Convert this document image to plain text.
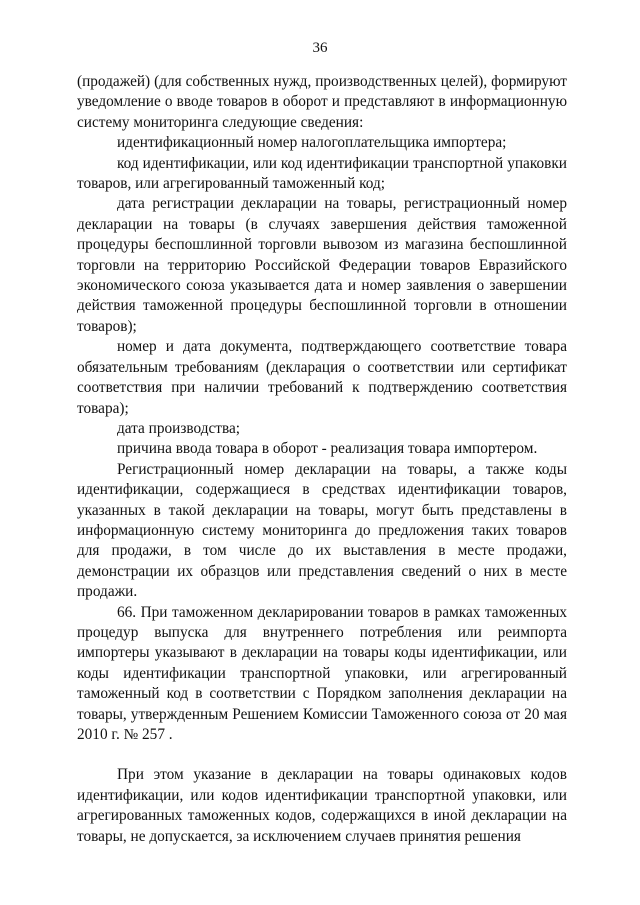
36

(продажей) (для собственных нужд, производственных целей), формируют уведомление о вводе товаров в оборот и представляют в информационную систему мониторинга следующие сведения:

идентификационный номер налогоплательщика импортера;

код идентификации, или код идентификации транспортной упаковки товаров, или агрегированный таможенный код;

дата регистрации декларации на товары, регистрационный номер декларации на товары (в случаях завершения действия таможенной процедуры беспошлинной торговли вывозом из магазина беспошлинной торговли на территорию Российской Федерации товаров Евразийского экономического союза указывается дата и номер заявления о завершении действия таможенной процедуры беспошлинной торговли в отношении товаров);

номер и дата документа, подтверждающего соответствие товара обязательным требованиям (декларация о соответствии или сертификат соответствия при наличии требований к подтверждению соответствия товара);

дата производства;

причина ввода товара в оборот - реализация товара импортером.

Регистрационный номер декларации на товары, а также коды идентификации, содержащиеся в средствах идентификации товаров, указанных в такой декларации на товары, могут быть представлены в информационную систему мониторинга до предложения таких товаров для продажи, в том числе до их выставления в месте продажи, демонстрации их образцов или представления сведений о них в месте продажи.

66. При таможенном декларировании товаров в рамках таможенных процедур выпуска для внутреннего потребления или реимпорта импортеры указывают в декларации на товары коды идентификации, или коды идентификации транспортной упаковки, или агрегированный таможенный код в соответствии с Порядком заполнения декларации на товары, утвержденным Решением Комиссии Таможенного союза от 20 мая 2010 г. № 257 .

При этом указание в декларации на товары одинаковых кодов идентификации, или кодов идентификации транспортной упаковки, или агрегированных таможенных кодов, содержащихся в иной декларации на товары, не допускается, за исключением случаев принятия решения
